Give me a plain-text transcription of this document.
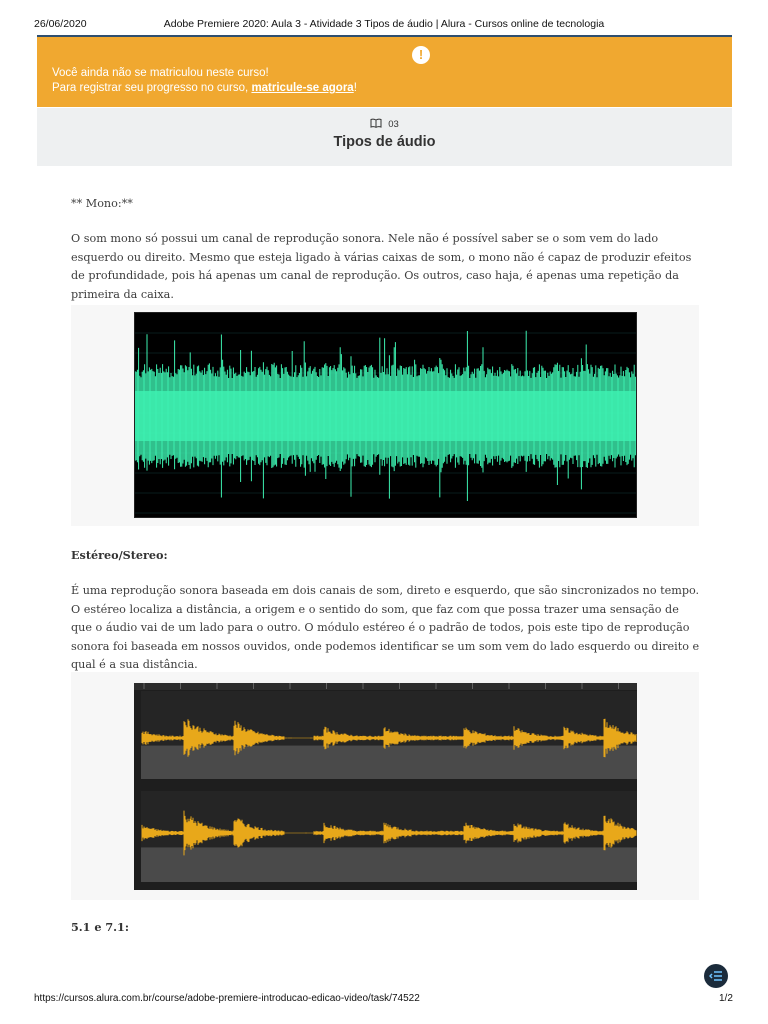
26/06/2020	Adobe Premiere 2020: Aula 3 - Atividade 3 Tipos de áudio | Alura - Cursos online de tecnologia
!
Você ainda não se matriculou neste curso!
Para registrar seu progresso no curso, matricule-se agora!
03
Tipos de áudio
** Mono:**
O som mono só possui um canal de reprodução sonora. Nele não é possível saber se o som vem do lado esquerdo ou direito. Mesmo que esteja ligado à várias caixas de som, o mono não é capaz de produzir efeitos de profundidade, pois há apenas um canal de reprodução. Os outros, caso haja, é apenas uma repetição da primeira da caixa.
Estéreo/Stereo:
É uma reprodução sonora baseada em dois canais de som, direto e esquerdo, que são sincronizados no tempo. O estéreo localiza a distância, a origem e o sentido do som, que faz com que possa trazer uma sensação de que o áudio vai de um lado para o outro. O módulo estéreo é o padrão de todos, pois este tipo de reprodução sonora foi baseada em nossos ouvidos, onde podemos identificar se um som vem do lado esquerdo ou direito e qual é a sua distância.
5.1 e 7.1:
https://cursos.alura.com.br/course/adobe-premiere-introducao-edicao-video/task/74522	1/2
